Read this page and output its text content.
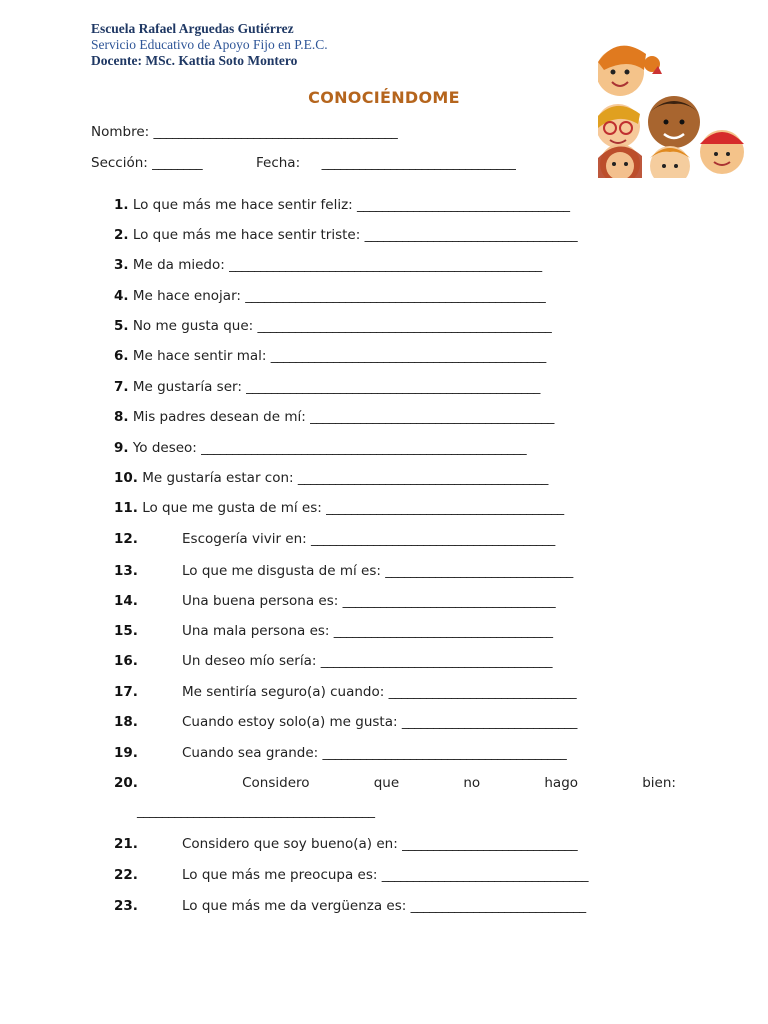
Escuela Rafael Arguedas Gutiérrez
Servicio Educativo de Apoyo Fijo en P.E.C.
Docente: MSc. Kattia Soto Montero
CONOCIÉNDOME
Nombre: _______________________________________
Sección: ________	Fecha: _______________________________
1. Lo que más me hace sentir feliz: __________________________________
2. Lo que más me hace sentir triste: __________________________________
3. Me da miedo: __________________________________________________
4. Me hace enojar: ________________________________________________
5. No me gusta que: _______________________________________________
6. Me hace sentir mal: ____________________________________________
7. Me gustaría ser: _______________________________________________
8. Mis padres desean de mí: _______________________________________
9. Yo deseo: ____________________________________________________
10. Me gustaría estar con: ________________________________________
11. Lo que me gusta de mí es: ______________________________________
12.	Escogería vivir en: _______________________________________
13.	Lo que me disgusta de mí es: ______________________________
14.	Una buena persona es: __________________________________
15.	Una mala persona es: ___________________________________
16.	Un deseo mío sería: _____________________________________
17.	Me sentiría seguro(a) cuando: ______________________________
18.	Cuando estoy solo(a) me gusta: ____________________________
19.	Cuando sea grande: _______________________________________
20.	Considero	que	no	hago	bien:
______________________________________
21.	Considero que soy bueno(a) en: ____________________________
22.	Lo que más me preocupa es: _________________________________
23.	Lo que más me da vergüenza es: ____________________________
